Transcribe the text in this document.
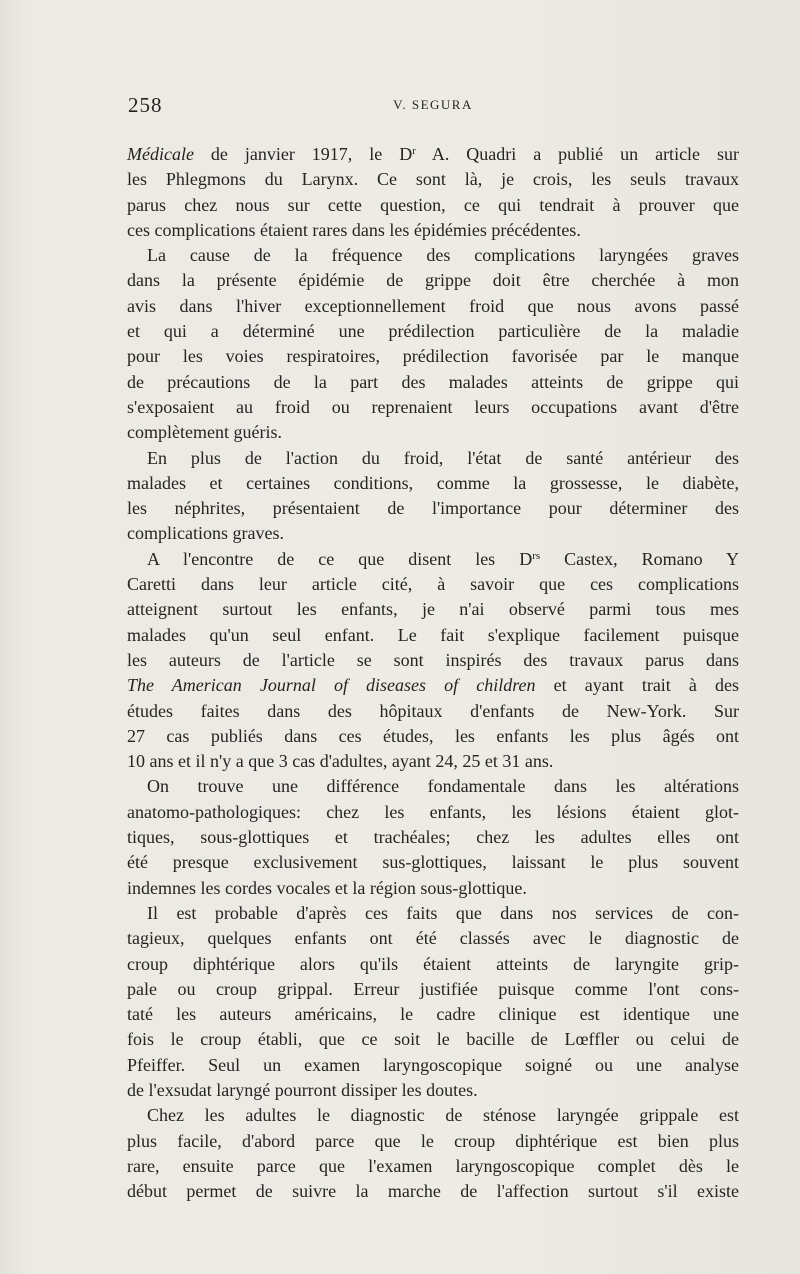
258	V. SEGURA
Médicale de janvier 1917, le $D^r$ A. Quadri a publié un article sur
les Phlegmons du Larynx. Ce sont là, je crois, les seuls travaux
parus chez nous sur cette question, ce qui tendrait à prouver que
ces complications étaient rares dans les épidémies précédentes.
La cause de la fréquence des complications laryngées graves
dans la présente épidémie de grippe doit être cherchée à mon
avis dans l'hiver exceptionnellement froid que nous avons passé
et qui a déterminé une prédilection particulière de la maladie
pour les voies respiratoires, prédilection favorisée par le manque
de précautions de la part des malades atteints de grippe qui
s'exposaient au froid ou reprenaient leurs occupations avant d'être
complètement guéris.
En plus de l'action du froid, l'état de santé antérieur des
malades et certaines conditions, comme la grossesse, le diabète,
les néphrites, présentaient de l'importance pour déterminer des
complications graves.
A l'encontre de ce que disent les $D^{rs}$ Castex, Romano Y
Caretti dans leur article cité, à savoir que ces complications
atteignent surtout les enfants, je n'ai observé parmi tous mes
malades qu'un seul enfant. Le fait s'explique facilement puisque
les auteurs de l'article se sont inspirés des travaux parus dans
The American Journal of diseases of children et ayant trait à des
études faites dans des hôpitaux d'enfants de New-York. Sur
27 cas publiés dans ces études, les enfants les plus âgés ont
10 ans et il n'y a que 3 cas d'adultes, ayant 24, 25 et 31 ans.
On trouve une différence fondamentale dans les altérations
anatomo-pathologiques: chez les enfants, les lésions étaient glot-
tiques, sous-glottiques et trachéales; chez les adultes elles ont
été presque exclusivement sus-glottiques, laissant le plus souvent
indemnes les cordes vocales et la région sous-glottique.
Il est probable d'après ces faits que dans nos services de con-
tagieux, quelques enfants ont été classés avec le diagnostic de
croup diphtérique alors qu'ils étaient atteints de laryngite grip-
pale ou croup grippal. Erreur justifiée puisque comme l'ont cons-
taté les auteurs américains, le cadre clinique est identique une
fois le croup établi, que ce soit le bacille de Lœffler ou celui de
Pfeiffer. Seul un examen laryngoscopique soigné ou une analyse
de l'exsudat laryngé pourront dissiper les doutes.
Chez les adultes le diagnostic de sténose laryngée grippale est
plus facile, d'abord parce que le croup diphtérique est bien plus
rare, ensuite parce que l'examen laryngoscopique complet dès le
début permet de suivre la marche de l'affection surtout s'il existe
